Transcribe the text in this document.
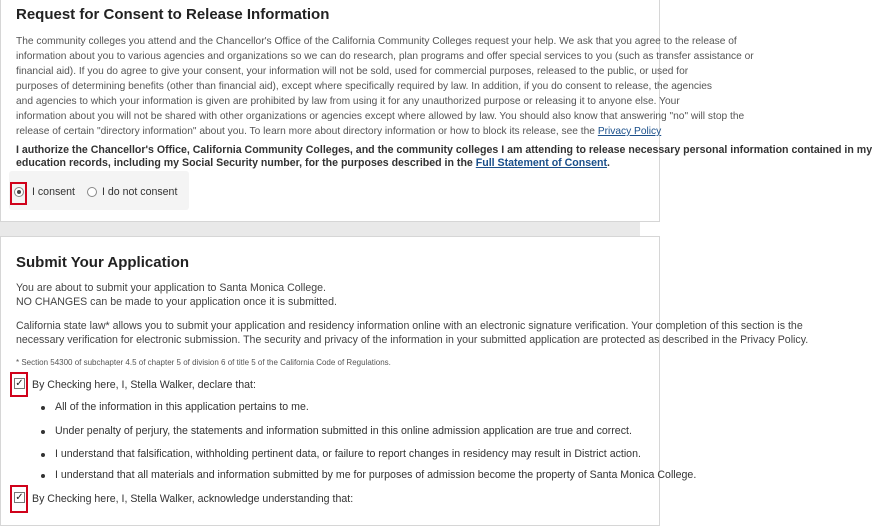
Request for Consent to Release Information
The community colleges you attend and the Chancellor's Office of the California Community Colleges request your help. We ask that you agree to the release of
information about you to various agencies and organizations so we can do research, plan programs and offer special services to you (such as transfer assistance or
financial aid). If you do agree to give your consent, your information will not be sold, used for commercial purposes, released to the public, or used for
purposes of determining benefits (other than financial aid), except where specifically required by law. In addition, if you do consent to release, the agencies
and agencies to which your information is given are prohibited by law from using it for any unauthorized purpose or releasing it to anyone else. Your
information about you will not be shared with other organizations or agencies except where allowed by law. You should also know that answering "no" will stop the
release of certain "directory information" about you. To learn more about directory information or how to block its release, see the Privacy Policy
I authorize the Chancellor's Office, California Community Colleges, and the community colleges I am attending to release necessary personal information contained in my
education records, including my Social Security number, for the purposes described in the Full Statement of Consent.
I consent	I do not consent
Submit Your Application
You are about to submit your application to Santa Monica College.
NO CHANGES can be made to your application once it is submitted.
California state law* allows you to submit your application and residency information online with an electronic signature verification. Your completion of this section is the
necessary verification for electronic submission. The security and privacy of the information in your submitted application are protected as described in the Privacy Policy.
* Section 54300 of subchapter 4.5 of chapter 5 of division 6 of title 5 of the California Code of Regulations.
✓ By Checking here, I, Stella Walker, declare that:
All of the information in this application pertains to me.
Under penalty of perjury, the statements and information submitted in this online admission application are true and correct.
I understand that falsification, withholding pertinent data, or failure to report changes in residency may result in District action.
I understand that all materials and information submitted by me for purposes of admission become the property of Santa Monica College.
✓ By Checking here, I, Stella Walker, acknowledge understanding that:
